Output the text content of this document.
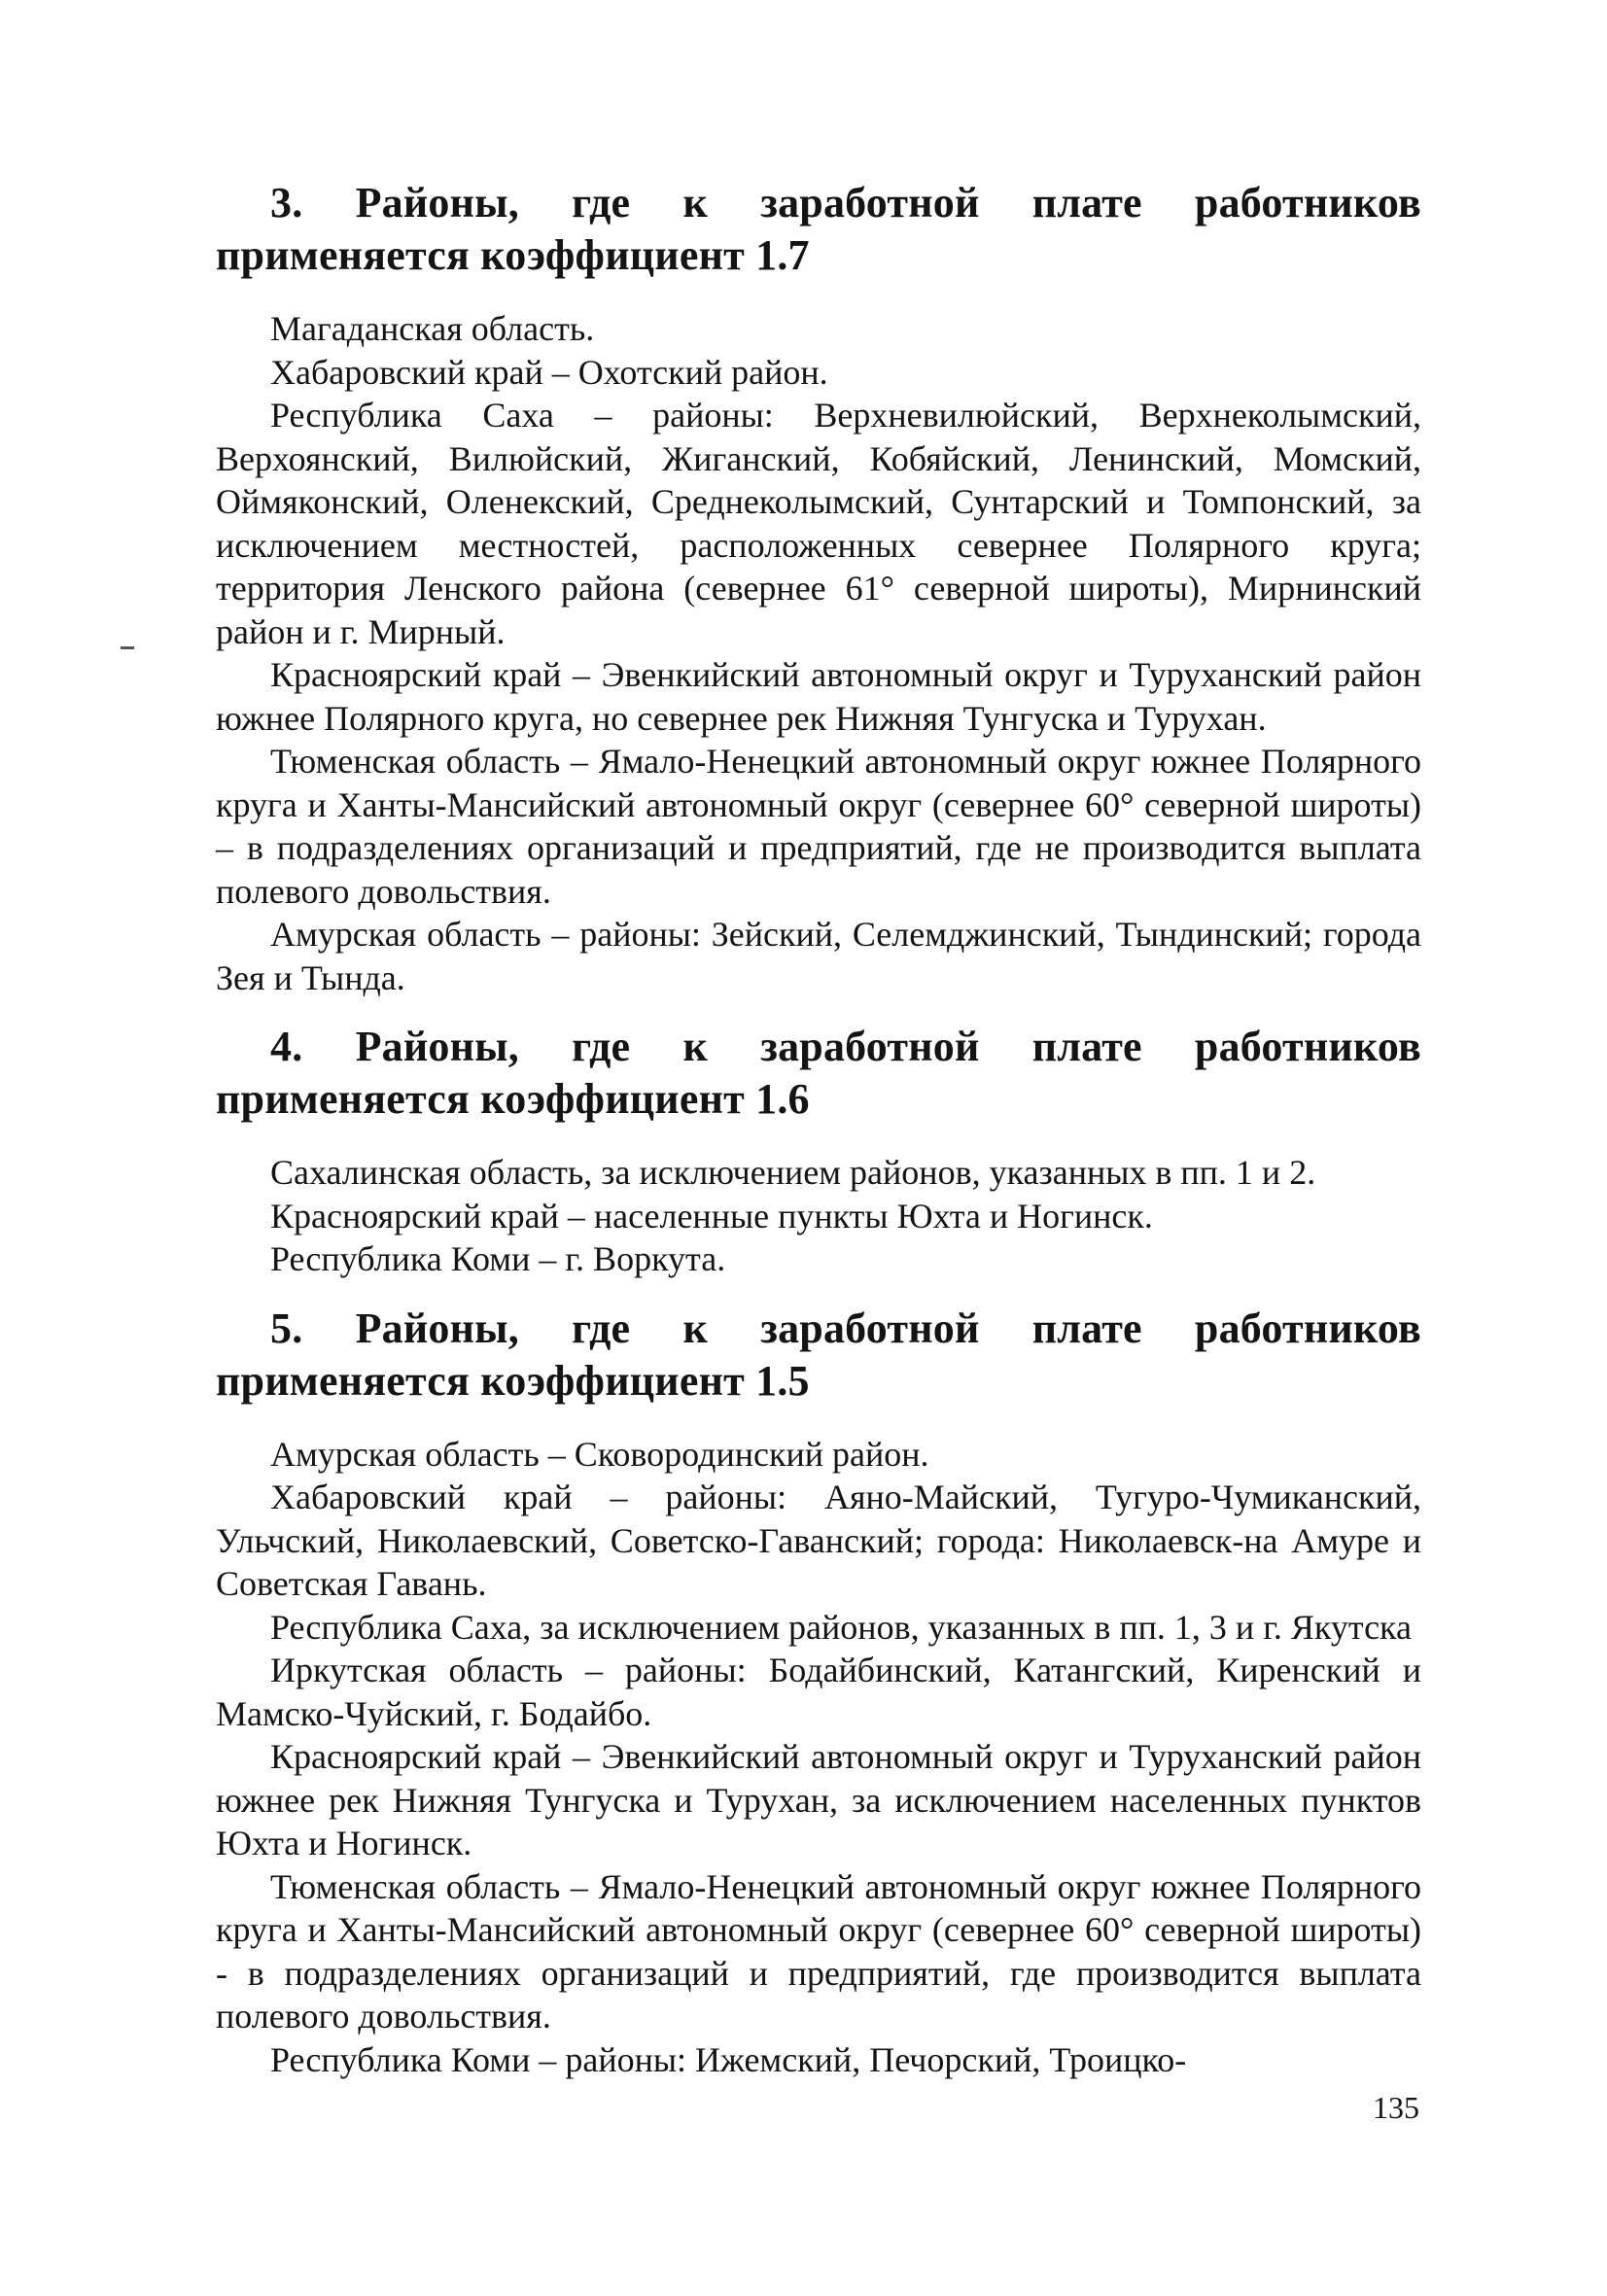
3. Районы, где к заработной плате работников применяется коэффициент 1.7

Магаданская область.

Хабаровский край – Охотский район.

Республика Саха – районы: Верхневилюйский, Верхнеколымский, Верхоянский, Вилюйский, Жиганский, Кобяйский, Ленинский, Момский, Оймяконский, Оленекский, Среднеколымский, Сунтарский и Томпонский, за исключением местностей, расположенных севернее Полярного круга; территория Ленского района (севернее 61° северной широты), Мирнинский район и г. Мирный.

Красноярский край – Эвенкийский автономный округ и Туруханский район южнее Полярного круга, но севернее рек Нижняя Тунгуска и Турухан.

Тюменская область – Ямало-Ненецкий автономный округ южнее Полярного круга и Ханты-Мансийский автономный округ (севернее 60° северной широты) – в подразделениях организаций и предприятий, где не производится выплата полевого довольствия.

Амурская область – районы: Зейский, Селемджинский, Тындинский; города Зея и Тында.

4. Районы, где к заработной плате работников применяется коэффициент 1.6

Сахалинская область, за исключением районов, указанных в пп. 1 и 2.

Красноярский край – населенные пункты Юхта и Ногинск.

Республика Коми – г. Воркута.

5. Районы, где к заработной плате работников применяется коэффициент 1.5

Амурская область – Сковородинский район.

Хабаровский край – районы: Аяно-Майский, Тугуро-Чумиканский, Ульчский, Николаевский, Советско-Гаванский; города: Николаевск-на Амуре и Советская Гавань.

Республика Саха, за исключением районов, указанных в пп. 1, 3 и г. Якутска

Иркутская область – районы: Бодайбинский, Катангский, Киренский и Мамско-Чуйский, г. Бодайбо.

Красноярский край – Эвенкийский автономный округ и Туруханский район южнее рек Нижняя Тунгуска и Турухан, за исключением населенных пунктов Юхта и Ногинск.

Тюменская область – Ямало-Ненецкий автономный округ южнее Полярного круга и Ханты-Мансийский автономный округ (севернее 60° северной широты) - в подразделениях организаций и предприятий, где производится выплата полевого довольствия.

Республика Коми – районы: Ижемский, Печорский, Троицко-

135
